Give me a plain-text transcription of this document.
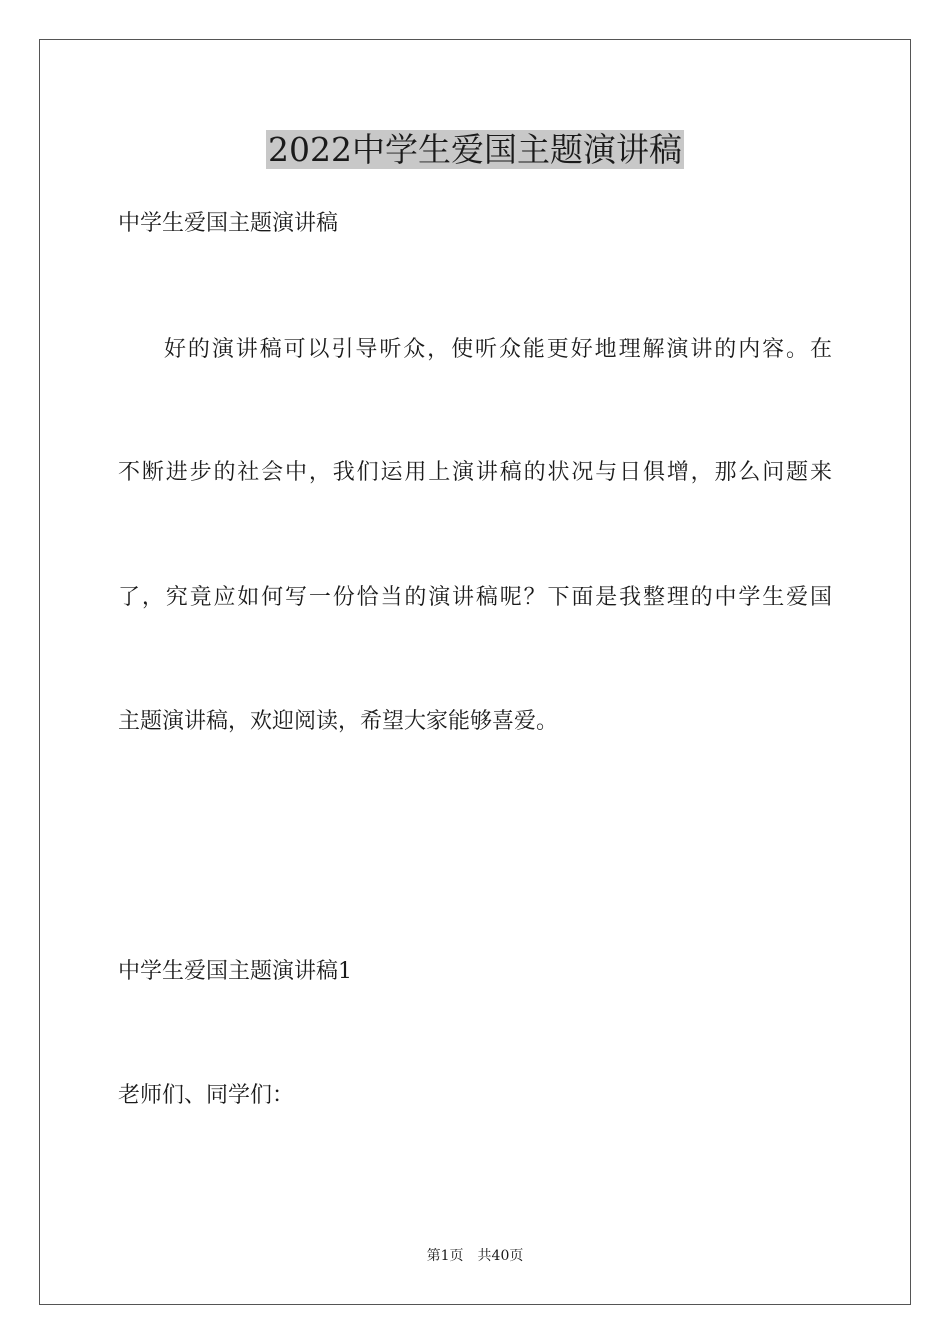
2022中学生爱国主题演讲稿

中学生爱国主题演讲稿

好的演讲稿可以引导听众，使听众能更好地理解演讲的内容。在

不断进步的社会中，我们运用上演讲稿的状况与日俱增，那么问题来

了，究竟应如何写一份恰当的演讲稿呢？下面是我整理的中学生爱国

主题演讲稿，欢迎阅读，希望大家能够喜爱。

中学生爱国主题演讲稿1

老师们、同学们：

第1页 共40页
